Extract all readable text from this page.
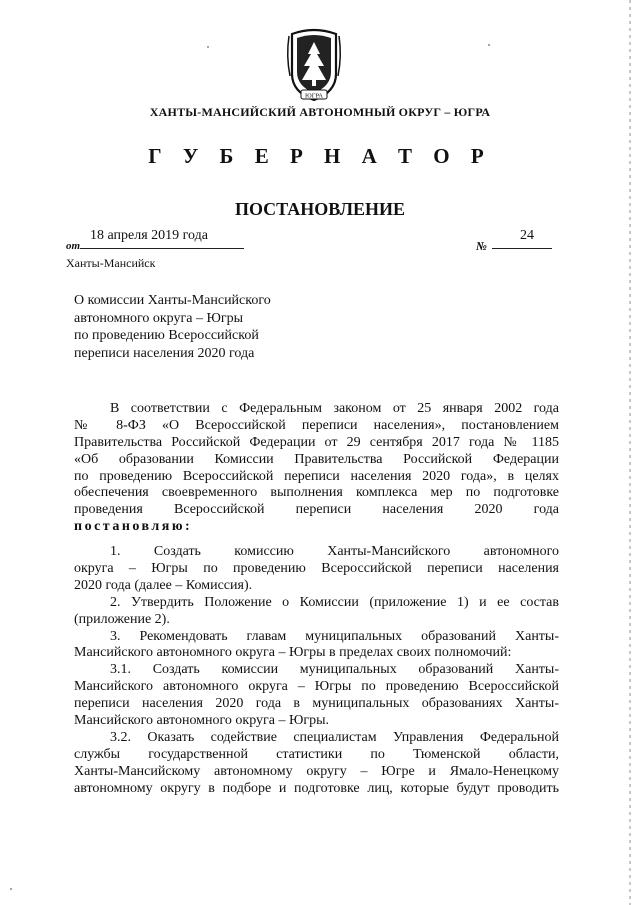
ЮГРА
ХАНТЫ-МАНСИЙСКИЙ АВТОНОМНЫЙ ОКРУГ – ЮГРА
Г У Б Е Р Н А Т О Р
ПОСТАНОВЛЕНИЕ
от
18 апреля 2019 года
№
24
Ханты-Мансийск
О комиссии Ханты-Мансийского
автономного округа – Югры
по проведению Всероссийской
переписи населения 2020 года
В соответствии с Федеральным законом от 25 января 2002 года
№ 8-ФЗ «О Всероссийской переписи населения», постановлением
Правительства Российской Федерации от 29 сентября 2017 года № 1185
«Об образовании Комиссии Правительства Российской Федерации
по проведению Всероссийской переписи населения 2020 года», в целях
обеспечения своевременного выполнения комплекса мер по подготовке
проведения Всероссийской переписи населения 2020 года
постановляю:
1. Создать комиссию Ханты-Мансийского автономного
округа – Югры по проведению Всероссийской переписи населения
2020 года (далее – Комиссия).
2. Утвердить Положение о Комиссии (приложение 1) и ее состав
(приложение 2).
3. Рекомендовать главам муниципальных образований Ханты-
Мансийского автономного округа – Югры в пределах своих полномочий:
3.1. Создать комиссии муниципальных образований Ханты-
Мансийского автономного округа – Югры по проведению Всероссийской
переписи населения 2020 года в муниципальных образованиях Ханты-
Мансийского автономного округа – Югры.
3.2. Оказать содействие специалистам Управления Федеральной
службы государственной статистики по Тюменской области,
Ханты-Мансийскому автономному округу – Югре и Ямало-Ненецкому
автономному округу в подборе и подготовке лиц, которые будут проводить
